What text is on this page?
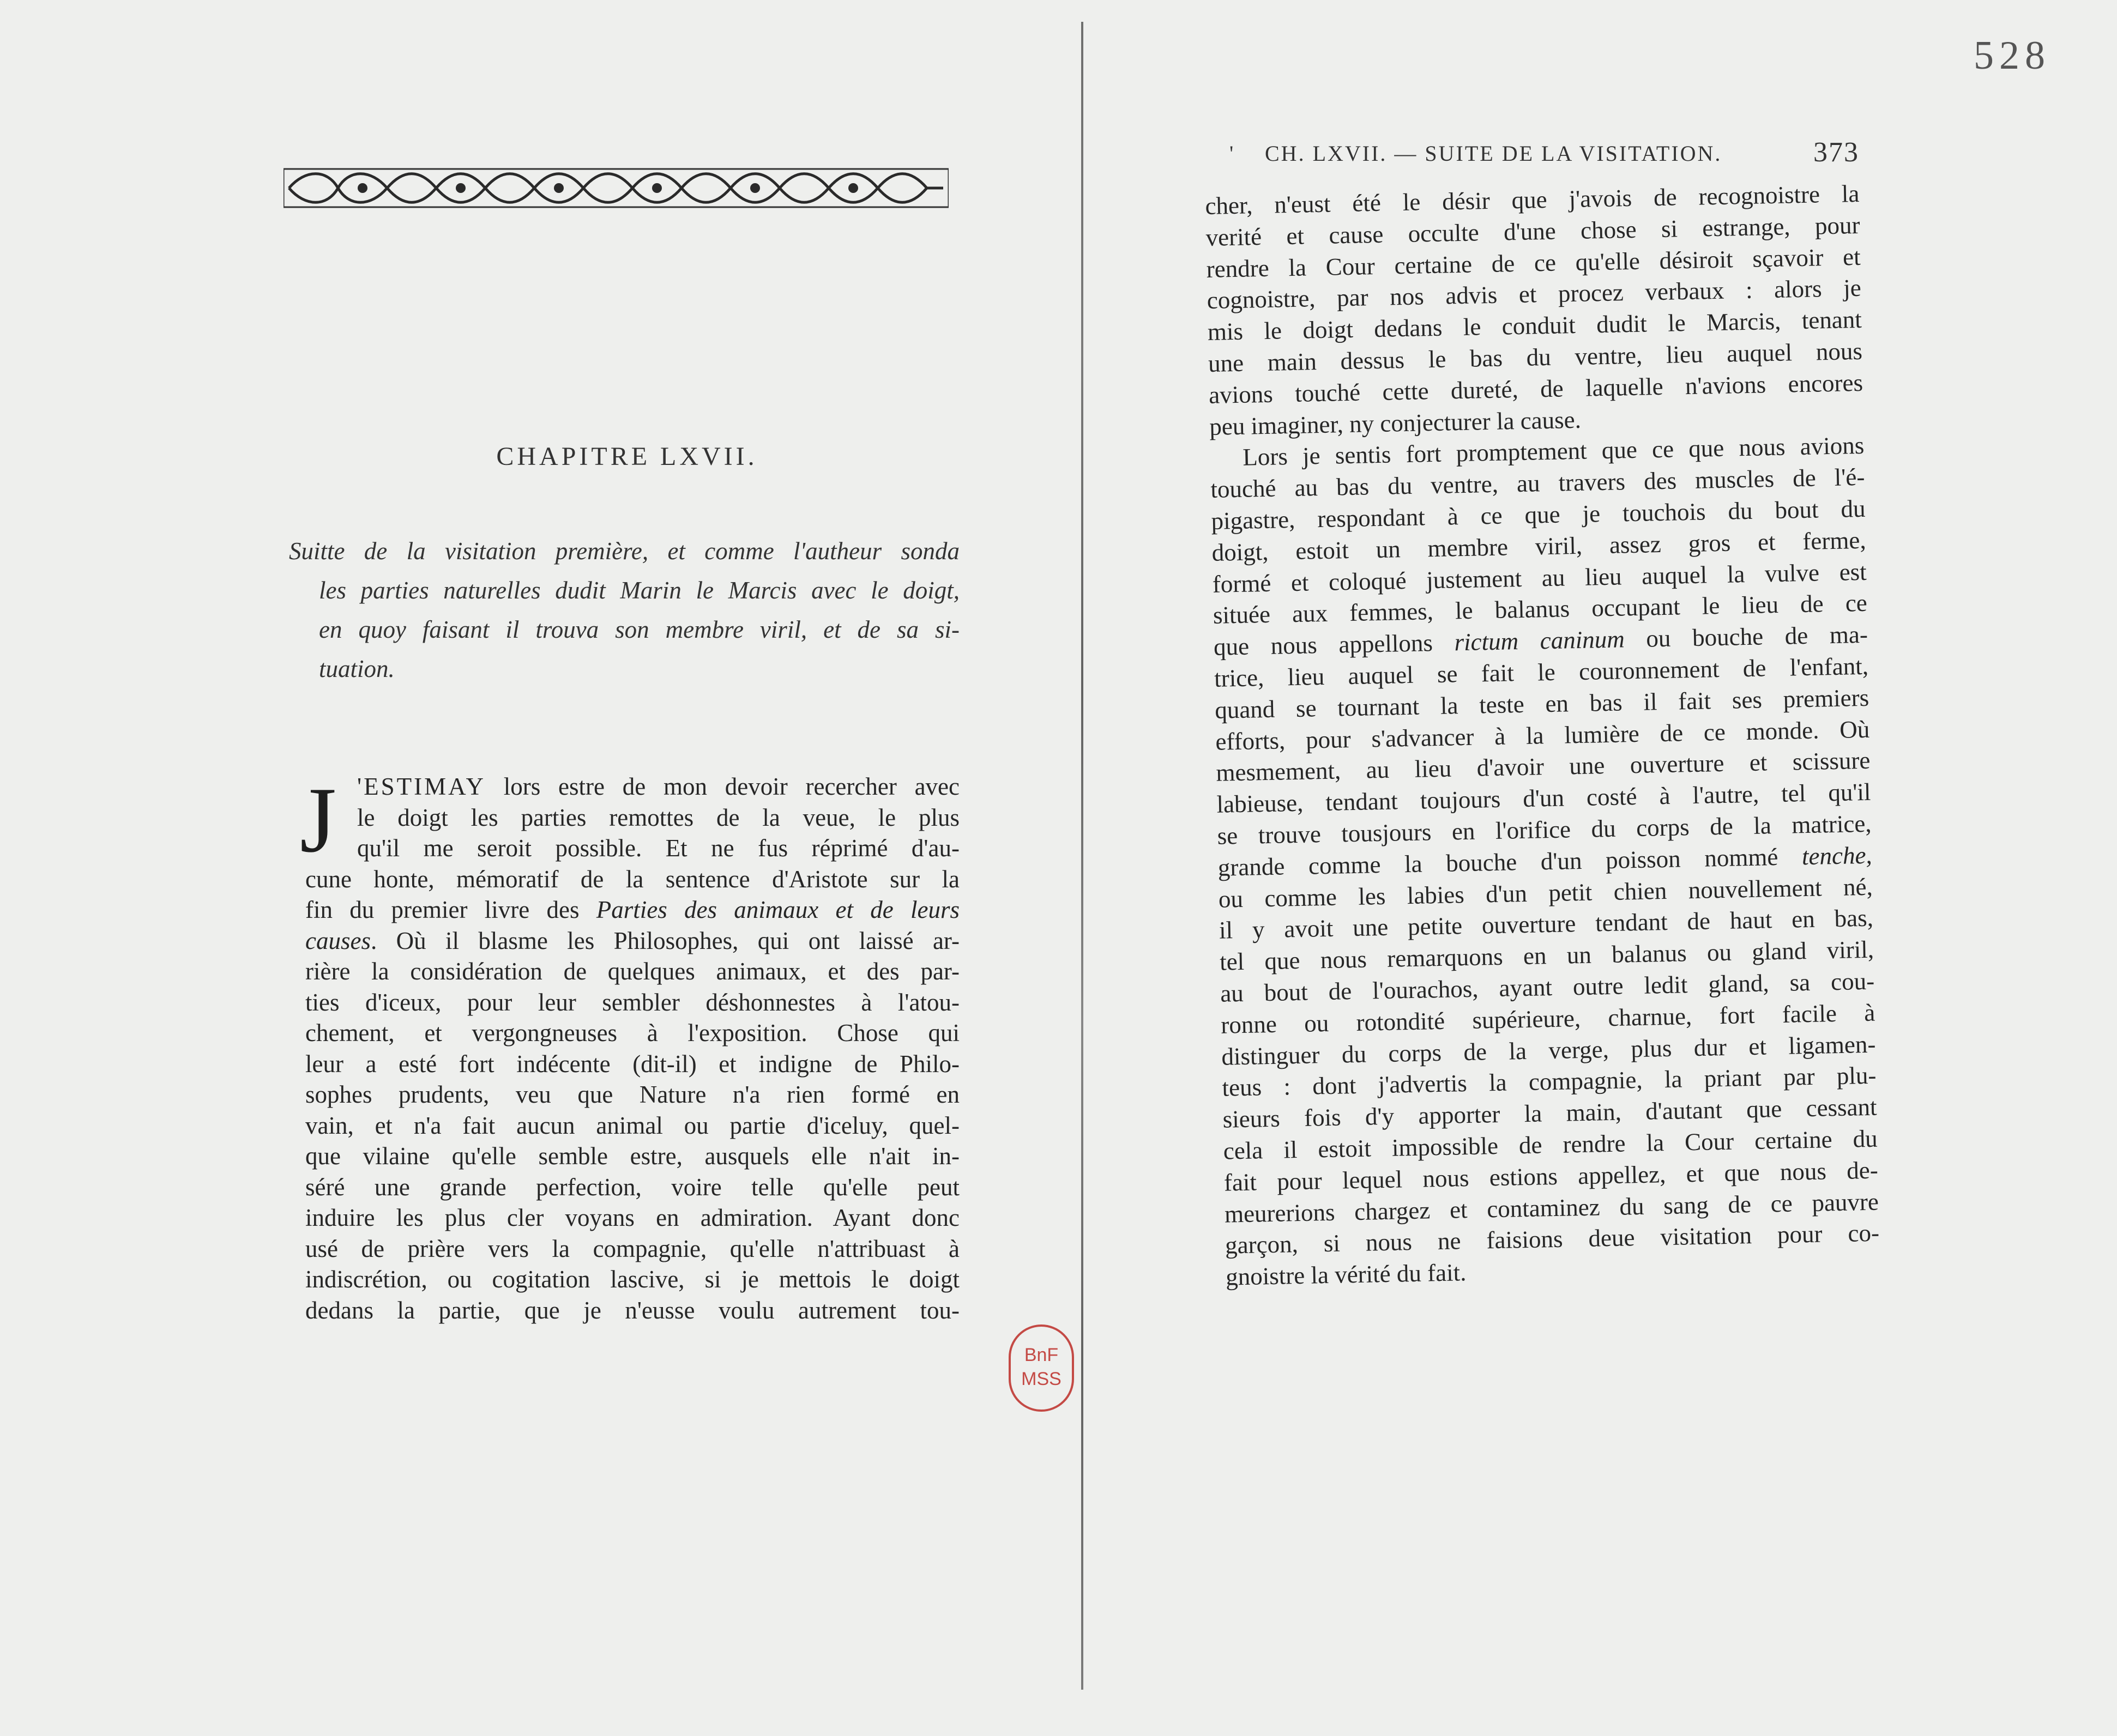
528
CHAPITRE LXVII.

Suitte de la visitation première, et comme l'autheur sonda

les parties naturelles dudit Marin le Marcis avec le doigt,

en quoy faisant il trouva son membre viril, et de sa si-

tuation.

J 'ESTIMAY lors estre de mon devoir recercher avec
le doigt les parties remottes de la veue, le plus
qu'il me seroit possible. Et ne fus réprimé d'au-
cune honte, mémoratif de la sentence d'Aristote sur la
fin du premier livre des Parties des animaux et de leurs
causes. Où il blasme les Philosophes, qui ont laissé ar-
rière la considération de quelques animaux, et des par-
ties d'iceux, pour leur sembler déshonnestes à l'atou-
chement, et vergongneuses à l'exposition. Chose qui
leur a esté fort indécente (dit-il) et indigne de Philo-
sophes prudents, veu que Nature n'a rien formé en
vain, et n'a fait aucun animal ou partie d'iceluy, quel-
que vilaine qu'elle semble estre, ausquels elle n'ait in-
séré une grande perfection, voire telle qu'elle peut
induire les plus cler voyans en admiration. Ayant donc
usé de prière vers la compagnie, qu'elle n'attribuast à
indiscrétion, ou cogitation lascive, si je mettois le doigt
dedans la partie, que je n'eusse voulu autrement tou-
BnF
MSS
' CH. LXVII. — SUITE DE LA VISITATION.	373
cher, n'eust été le désir que j'avois de recognoistre la
verité et cause occulte d'une chose si estrange, pour
rendre la Cour certaine de ce qu'elle désiroit sçavoir et
cognoistre, par nos advis et procez verbaux : alors je
mis le doigt dedans le conduit dudit le Marcis, tenant
une main dessus le bas du ventre, lieu auquel nous
avions touché cette dureté, de laquelle n'avions encores
peu imaginer, ny conjecturer la cause.
Lors je sentis fort promptement que ce que nous avions
touché au bas du ventre, au travers des muscles de l'é-
pigastre, respondant à ce que je touchois du bout du
doigt, estoit un membre viril, assez gros et ferme,
formé et coloqué justement au lieu auquel la vulve est
située aux femmes, le balanus occupant le lieu de ce
que nous appellons rictum caninum ou bouche de ma-
trice, lieu auquel se fait le couronnement de l'enfant,
quand se tournant la teste en bas il fait ses premiers
efforts, pour s'advancer à la lumière de ce monde. Où
mesmement, au lieu d'avoir une ouverture et scissure
labieuse, tendant toujours d'un costé à l'autre, tel qu'il
se trouve tousjours en l'orifice du corps de la matrice,
grande comme la bouche d'un poisson nommé tenche,
ou comme les labies d'un petit chien nouvellement né,
il y avoit une petite ouverture tendant de haut en bas,
tel que nous remarquons en un balanus ou gland viril,
au bout de l'ourachos, ayant outre ledit gland, sa cou-
ronne ou rotondité supérieure, charnue, fort facile à
distinguer du corps de la verge, plus dur et ligamen-
teus : dont j'advertis la compagnie, la priant par plu-
sieurs fois d'y apporter la main, d'autant que cessant
cela il estoit impossible de rendre la Cour certaine du
fait pour lequel nous estions appellez, et que nous de-
meurerions chargez et contaminez du sang de ce pauvre
garçon, si nous ne faisions deue visitation pour co-
gnoistre la vérité du fait.
